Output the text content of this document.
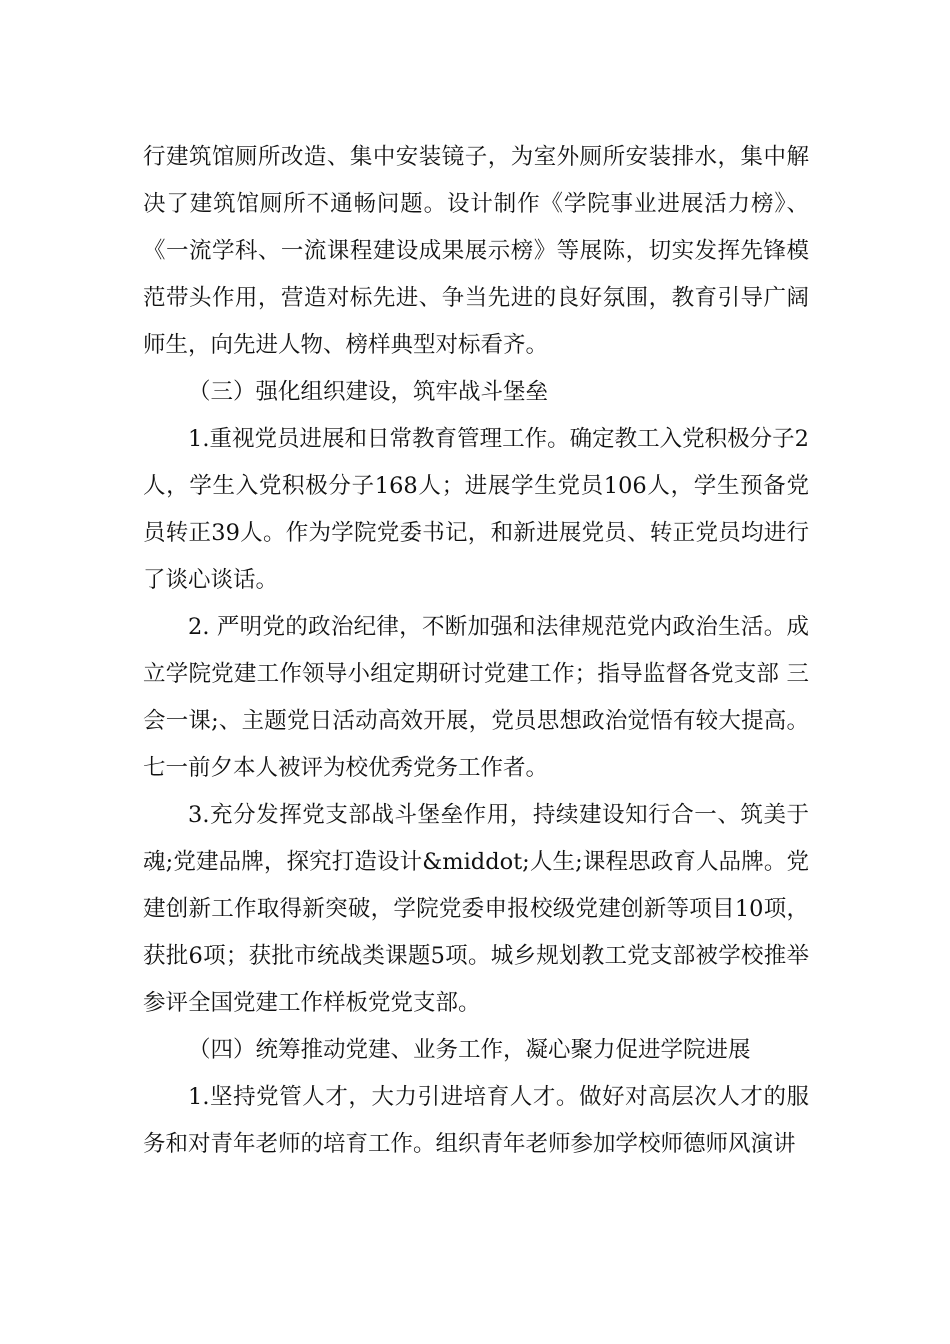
行建筑馆厕所改造、集中安装镜子，为室外厕所安装排水，集中解决了建筑馆厕所不通畅问题。设计制作《学院事业进展活力榜》、《一流学科、一流课程建设成果展示榜》等展陈，切实发挥先锋模范带头作用，营造对标先进、争当先进的良好氛围，教育引导广阔师生，向先进人物、榜样典型对标看齐。

（三）强化组织建设，筑牢战斗堡垒

1.重视党员进展和日常教育管理工作。确定教工入党积极分子2人，学生入党积极分子168人；进展学生党员106人，学生预备党员转正39人。作为学院党委书记，和新进展党员、转正党员均进行了谈心谈话。

2. 严明党的政治纪律，不断加强和法律规范党内政治生活。成立学院党建工作领导小组定期研讨党建工作；指导监督各党支部 三会一课;、主题党日活动高效开展，党员思想政治觉悟有较大提高。七一前夕本人被评为校优秀党务工作者。

3.充分发挥党支部战斗堡垒作用，持续建设知行合一、筑美于魂;党建品牌，探究打造设计&middot;人生;课程思政育人品牌。党建创新工作取得新突破，学院党委申报校级党建创新等项目10项，获批6项；获批市统战类课题5项。城乡规划教工党支部被学校推举参评全国党建工作样板党党支部。

（四）统筹推动党建、业务工作，凝心聚力促进学院进展

1.坚持党管人才，大力引进培育人才。做好对高层次人才的服务和对青年老师的培育工作。组织青年老师参加学校师德师风演讲
